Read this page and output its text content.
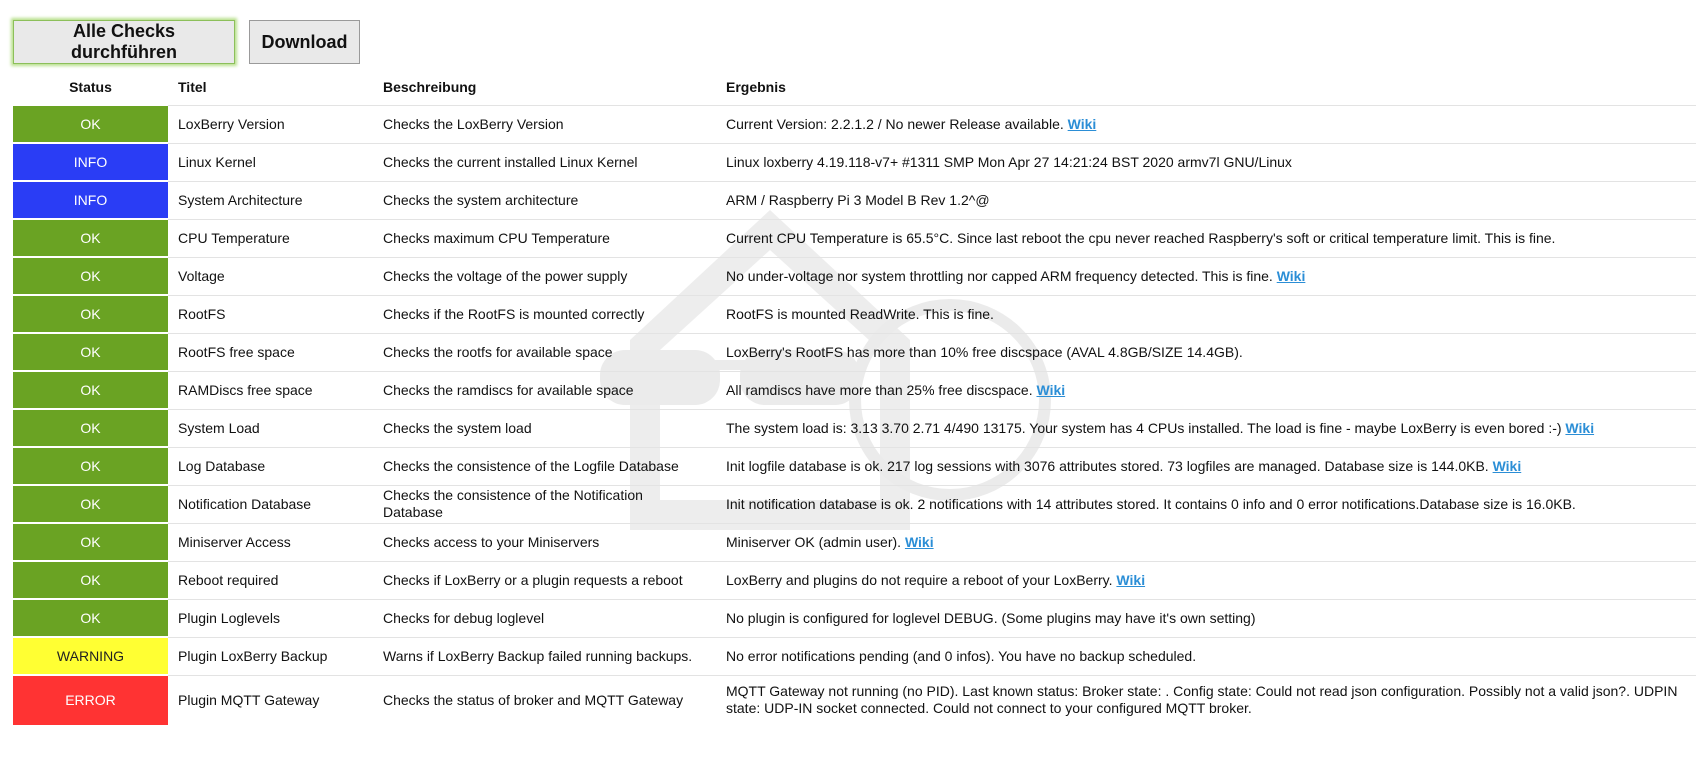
Alle Checks durchführen
Download
Status	Titel	Beschreibung	Ergebnis
OK	LoxBerry Version	Checks the LoxBerry Version	Current Version: 2.2.1.2 / No newer Release available. Wiki
INFO	Linux Kernel	Checks the current installed Linux Kernel	Linux loxberry 4.19.118-v7+ #1311 SMP Mon Apr 27 14:21:24 BST 2020 armv7l GNU/Linux
INFO	System Architecture	Checks the system architecture	ARM / Raspberry Pi 3 Model B Rev 1.2^@
OK	CPU Temperature	Checks maximum CPU Temperature	Current CPU Temperature is 65.5°C. Since last reboot the cpu never reached Raspberry's soft or critical temperature limit. This is fine.
OK	Voltage	Checks the voltage of the power supply	No under-voltage nor system throttling nor capped ARM frequency detected. This is fine. Wiki
OK	RootFS	Checks if the RootFS is mounted correctly	RootFS is mounted ReadWrite. This is fine.
OK	RootFS free space	Checks the rootfs for available space	LoxBerry's RootFS has more than 10% free discspace (AVAL 4.8GB/SIZE 14.4GB).
OK	RAMDiscs free space	Checks the ramdiscs for available space	All ramdiscs have more than 25% free discspace. Wiki
OK	System Load	Checks the system load	The system load is: 3.13 3.70 2.71 4/490 13175. Your system has 4 CPUs installed. The load is fine - maybe LoxBerry is even bored :-) Wiki
OK	Log Database	Checks the consistence of the Logfile Database	Init logfile database is ok. 217 log sessions with 3076 attributes stored. 73 logfiles are managed. Database size is 144.0KB. Wiki
OK	Notification Database	Checks the consistence of the Notification Database	Init notification database is ok. 2 notifications with 14 attributes stored. It contains 0 info and 0 error notifications.Database size is 16.0KB.
OK	Miniserver Access	Checks access to your Miniservers	Miniserver OK (admin user). Wiki
OK	Reboot required	Checks if LoxBerry or a plugin requests a reboot	LoxBerry and plugins do not require a reboot of your LoxBerry. Wiki
OK	Plugin Loglevels	Checks for debug loglevel	No plugin is configured for loglevel DEBUG. (Some plugins may have it's own setting)
WARNING	Plugin LoxBerry Backup	Warns if LoxBerry Backup failed running backups.	No error notifications pending (and 0 infos). You have no backup scheduled.
ERROR	Plugin MQTT Gateway	Checks the status of broker and MQTT Gateway	MQTT Gateway not running (no PID). Last known status: Broker state: . Config state: Could not read json configuration. Possibly not a valid json?. UDPIN state: UDP-IN socket connected. Could not connect to your configured MQTT broker.
